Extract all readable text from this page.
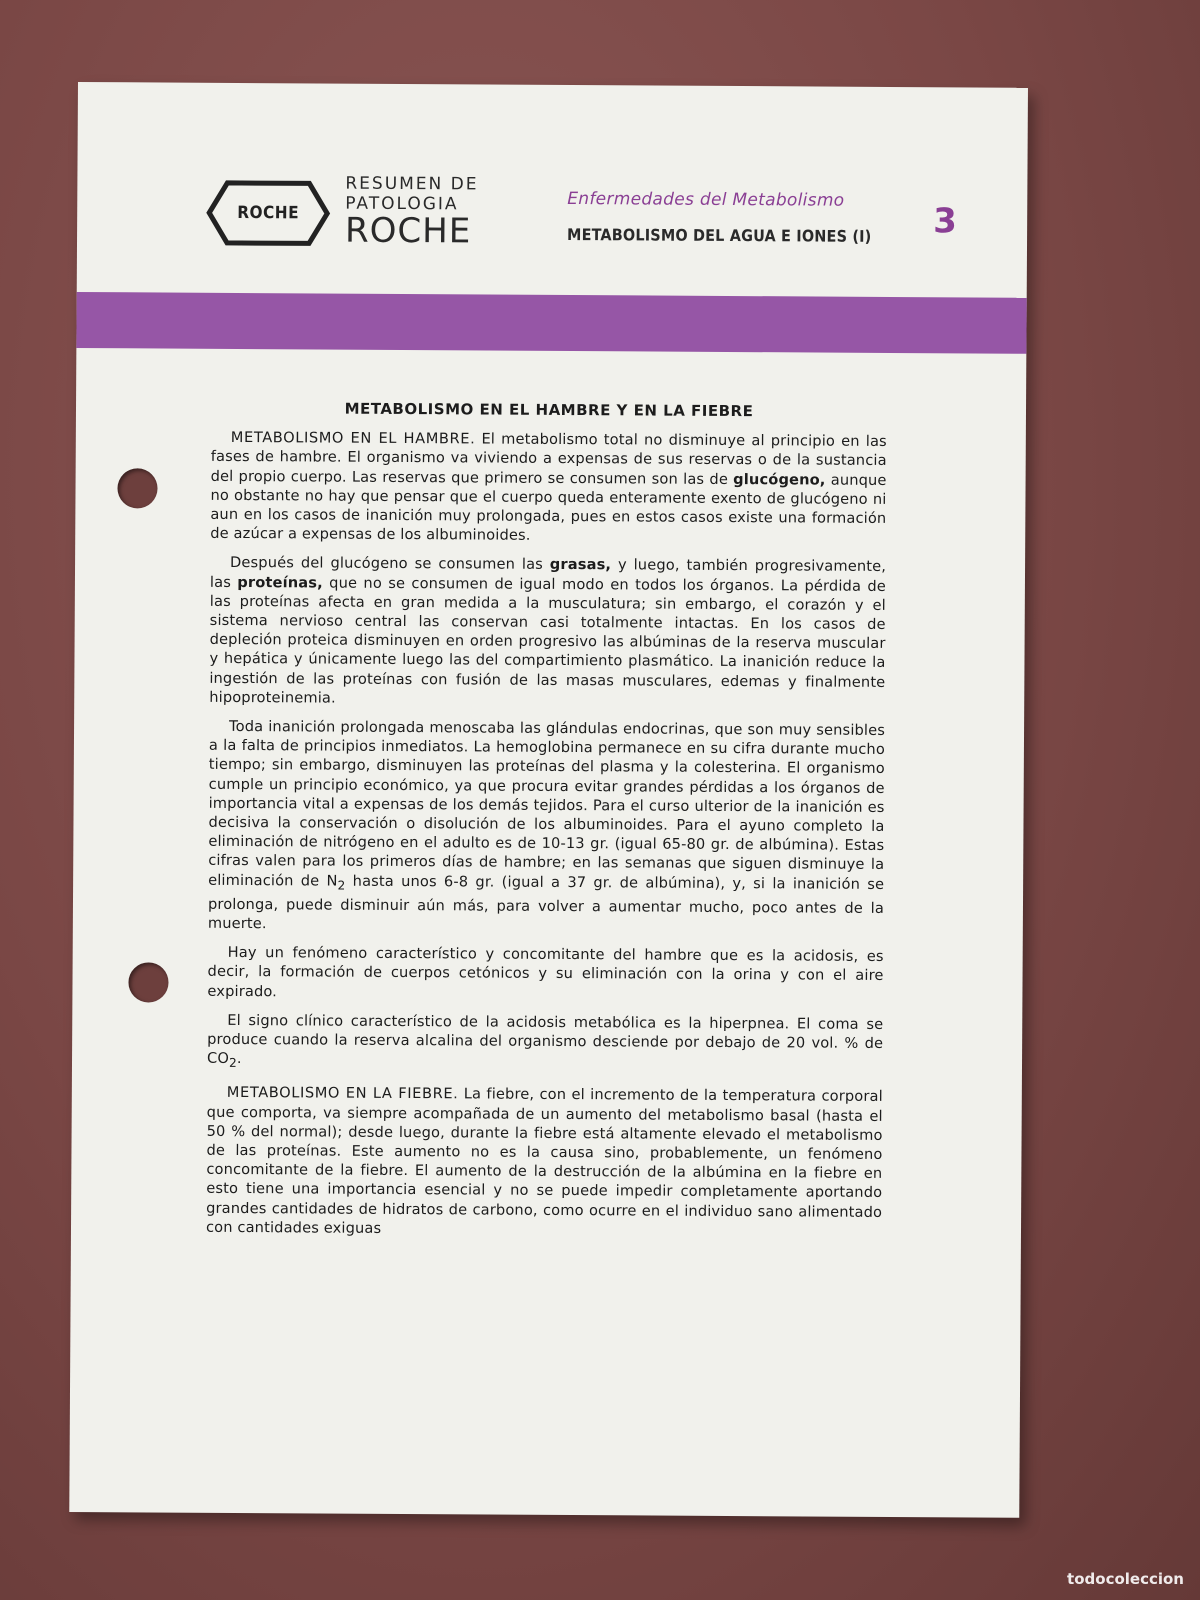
ROCHE
RESUMEN DE
PATOLOGIA
ROCHE
Enfermedades del Metabolismo
METABOLISMO DEL AGUA E IONES (I) 3
METABOLISMO EN EL HAMBRE Y EN LA FIEBRE

METABOLISMO EN EL HAMBRE. El metabolismo total no disminuye al principio en las fases de hambre. El organismo va viviendo a expensas de sus reservas o de la sustancia del propio cuerpo. Las reservas que primero se consumen son las de glucógeno, aunque no obstante no hay que pensar que el cuerpo queda enteramente exento de glucógeno ni aun en los casos de inanición muy prolongada, pues en estos casos existe una formación de azúcar a expensas de los albuminoides.

Después del glucógeno se consumen las grasas, y luego, también progresivamente, las proteínas, que no se consumen de igual modo en todos los órganos. La pérdida de las proteínas afecta en gran medida a la musculatura; sin embargo, el corazón y el sistema nervioso central las conservan casi totalmente intactas. En los casos de depleción proteica disminuyen en orden progresivo las albúminas de la reserva muscular y hepática y únicamente luego las del compartimiento plasmático. La inanición reduce la ingestión de las proteínas con fusión de las masas musculares, edemas y finalmente hipoproteinemia.

Toda inanición prolongada menoscaba las glándulas endocrinas, que son muy sensibles a la falta de principios inmediatos. La hemoglobina permanece en su cifra durante mucho tiempo; sin embargo, disminuyen las proteínas del plasma y la colesterina. El organismo cumple un principio económico, ya que procura evitar grandes pérdidas a los órganos de importancia vital a expensas de los demás tejidos. Para el curso ulterior de la inanición es decisiva la conservación o disolución de los albuminoides. Para el ayuno completo la eliminación de nitrógeno en el adulto es de 10-13 gr. (igual 65-80 gr. de albúmina). Estas cifras valen para los primeros días de hambre; en las semanas que siguen disminuye la eliminación de $N_2$ hasta unos 6-8 gr. (igual a 37 gr. de albúmina), y, si la inanición se prolonga, puede disminuir aún más, para volver a aumentar mucho, poco antes de la muerte.

Hay un fenómeno característico y concomitante del hambre que es la acidosis, es decir, la formación de cuerpos cetónicos y su eliminación con la orina y con el aire expirado.

El signo clínico característico de la acidosis metabólica es la hiperpnea. El coma se produce cuando la reserva alcalina del organismo desciende por debajo de 20 vol. % de $CO_2$.

METABOLISMO EN LA FIEBRE. La fiebre, con el incremento de la temperatura corporal que comporta, va siempre acompañada de un aumento del metabolismo basal (hasta el 50 % del normal); desde luego, durante la fiebre está altamente elevado el metabolismo de las proteínas. Este aumento no es la causa sino, probablemente, un fenómeno concomitante de la fiebre. El aumento de la destrucción de la albúmina en la fiebre en esto tiene una importancia esencial y no se puede impedir completamente aportando grandes cantidades de hidratos de carbono, como ocurre en el individuo sano alimentado con cantidades exiguas

todocoleccion
